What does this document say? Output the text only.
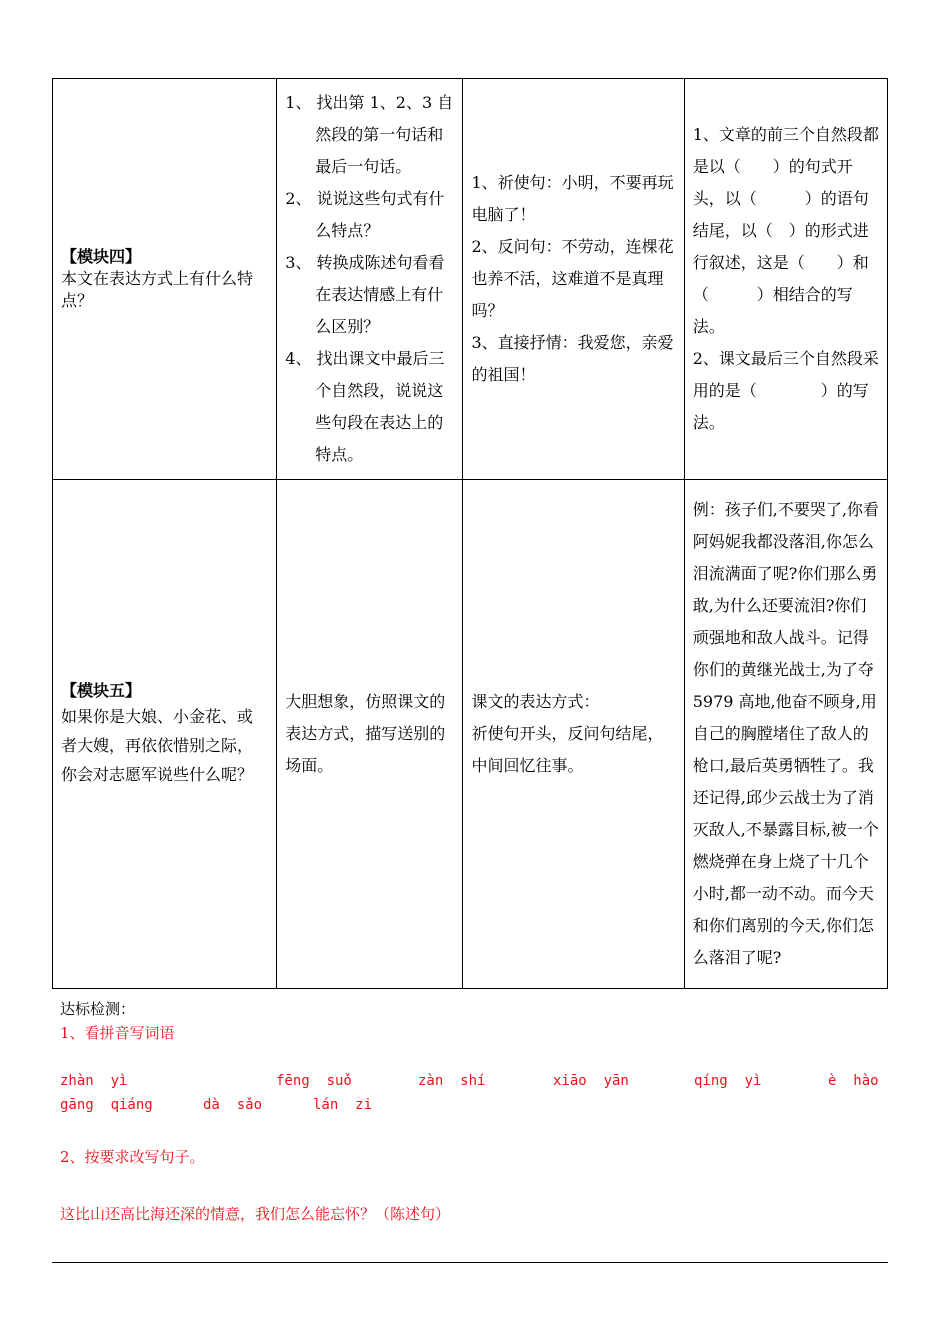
【模块四】
本文在表达方式上有什么特点？	1、 找出第 1、2、3 自然段的第一句话和最后一句话。
2、 说说这些句式有什么特点？
3、 转换成陈述句看看在表达情感上有什么区别？
4、 找出课文中最后三个自然段，说说这些句段在表达上的特点。	1、祈使句：小明，不要再玩电脑了！
2、反问句：不劳动，连棵花也养不活，这难道不是真理吗？
3、直接抒情：我爱您，亲爱的祖国！	1、文章的前三个自然段都是以（　　）的句式开头，以（　　　）的语句结尾，以（　）的形式进行叙述，这是（　　）和（　　　）相结合的写法。
2、课文最后三个自然段采用的是（　　　　）的写法。

【模块五】
如果你是大娘、小金花、或者大嫂，再依依惜别之际，你会对志愿军说些什么呢？	大胆想象，仿照课文的表达方式，描写送别的场面。	课文的表达方式：
祈使句开头，反问句结尾，中间回忆往事。	例：孩子们,不要哭了,你看阿妈妮我都没落泪,你怎么泪流满面了呢?你们那么勇敢,为什么还要流泪?你们顽强地和敌人战斗。记得你们的黄继光战士,为了夺 5979 高地,他奋不顾身,用自己的胸膛堵住了敌人的枪口,最后英勇牺牲了。我还记得,邱少云战士为了消灭敌人,不暴露目标,被一个燃烧弹在身上烧了十几个小时,都一动不动。而今天和你们离别的今天,你们怎么落泪了呢?
达标检测：
1、看拼音写词语
zhàn  yì	fēng  suǒ	zàn  shí	xiāo  yān	qíng  yì	è  hào
gāng  qiáng	dà  sǎo	lán  zi
2、按要求改写句子。
这比山还高比海还深的情意，我们怎么能忘怀？（陈述句）
